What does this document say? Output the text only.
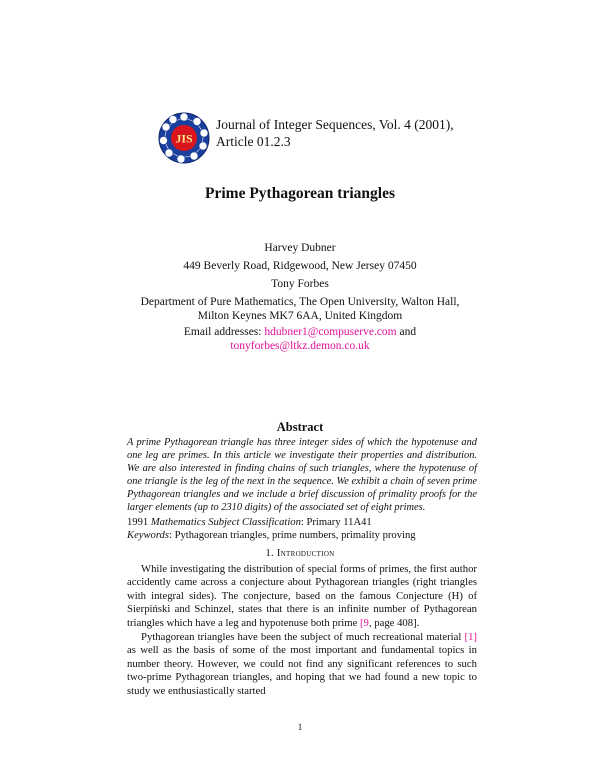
JIS
Journal of Integer Sequences, Vol. 4 (2001),
Article 01.2.3
Prime Pythagorean triangles
Harvey Dubner
449 Beverly Road, Ridgewood, New Jersey 07450
Tony Forbes
Department of Pure Mathematics, The Open University, Walton Hall,
Milton Keynes MK7 6AA, United Kingdom
Email addresses: hdubner1@compuserve.com and
tonyforbes@ltkz.demon.co.uk
Abstract
A prime Pythagorean triangle has three integer sides of which the hypotenuse and one leg are primes. In this article we investigate their properties and distribution. We are also interested in finding chains of such triangles, where the hypotenuse of one triangle is the leg of the next in the sequence. We exhibit a chain of seven prime Pythagorean triangles and we include a brief discussion of primality proofs for the larger elements (up to 2310 digits) of the associated set of eight primes.
1991 Mathematics Subject Classification: Primary 11A41
Keywords: Pythagorean triangles, prime numbers, primality proving
1. Introduction
While investigating the distribution of special forms of primes, the first author accidently came across a conjecture about Pythagorean triangles (right triangles with integral sides). The conjecture, based on the famous Conjecture (H) of Sierpiński and Schinzel, states that there is an infinite number of Pythagorean triangles which have a leg and hypotenuse both prime [9, page 408].
Pythagorean triangles have been the subject of much recreational material [1] as well as the basis of some of the most important and fundamental topics in number theory. However, we could not find any significant references to such two-prime Pythagorean triangles, and hoping that we had found a new topic to study we enthusiastically started
1
